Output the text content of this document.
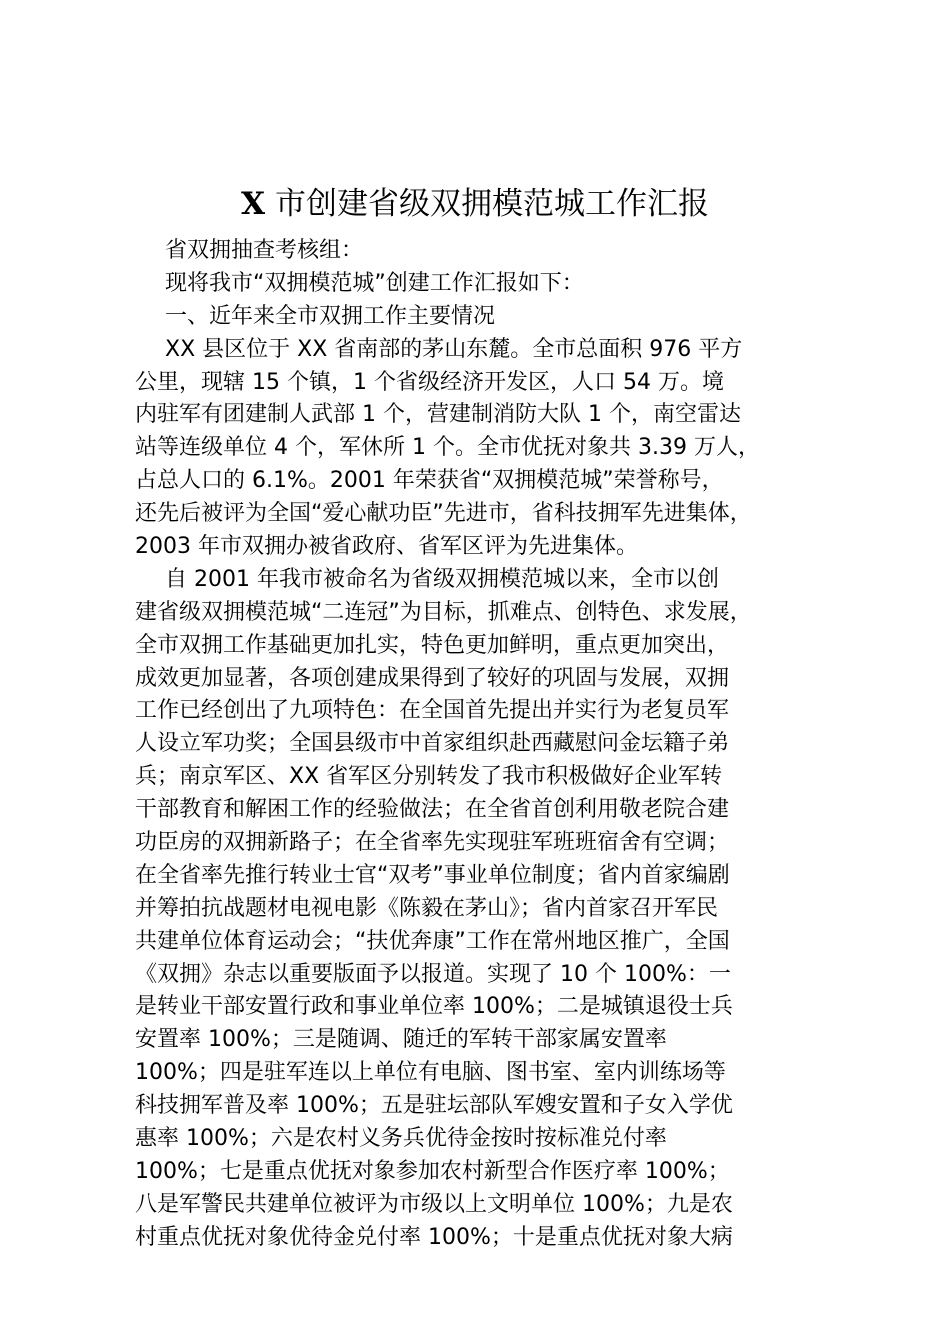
X 市创建省级双拥模范城工作汇报
省双拥抽查考核组：
现将我市“双拥模范城”创建工作汇报如下：
一、近年来全市双拥工作主要情况
XX 县区位于 XX 省南部的茅山东麓。全市总面积 976 平方
公里，现辖 15 个镇，1 个省级经济开发区，人口 54 万。境
内驻军有团建制人武部 1 个，营建制消防大队 1 个，南空雷达
站等连级单位 4 个，军休所 1 个。全市优抚对象共 3.39 万人，
占总人口的 6.1%。2001 年荣获省“双拥模范城”荣誉称号，
还先后被评为全国“爱心献功臣”先进市，省科技拥军先进集体，
2003 年市双拥办被省政府、省军区评为先进集体。
自 2001 年我市被命名为省级双拥模范城以来，全市以创
建省级双拥模范城“二连冠”为目标，抓难点、创特色、求发展，
全市双拥工作基础更加扎实，特色更加鲜明，重点更加突出，
成效更加显著，各项创建成果得到了较好的巩固与发展，双拥
工作已经创出了九项特色：在全国首先提出并实行为老复员军
人设立军功奖；全国县级市中首家组织赴西藏慰问金坛籍子弟
兵；南京军区、XX 省军区分别转发了我市积极做好企业军转
干部教育和解困工作的经验做法；在全省首创利用敬老院合建
功臣房的双拥新路子；在全省率先实现驻军班班宿舍有空调；
在全省率先推行转业士官“双考”事业单位制度；省内首家编剧
并筹拍抗战题材电视电影《陈毅在茅山》；省内首家召开军民
共建单位体育运动会；“扶优奔康”工作在常州地区推广，全国
《双拥》杂志以重要版面予以报道。实现了 10 个 100%：一
是转业干部安置行政和事业单位率 100%；二是城镇退役士兵
安置率 100%；三是随调、随迁的军转干部家属安置率
100%；四是驻军连以上单位有电脑、图书室、室内训练场等
科技拥军普及率 100%；五是驻坛部队军嫂安置和子女入学优
惠率 100%；六是农村义务兵优待金按时按标准兑付率
100%；七是重点优抚对象参加农村新型合作医疗率 100%；
八是军警民共建单位被评为市级以上文明单位 100%；九是农
村重点优抚对象优待金兑付率 100%；十是重点优抚对象大病
